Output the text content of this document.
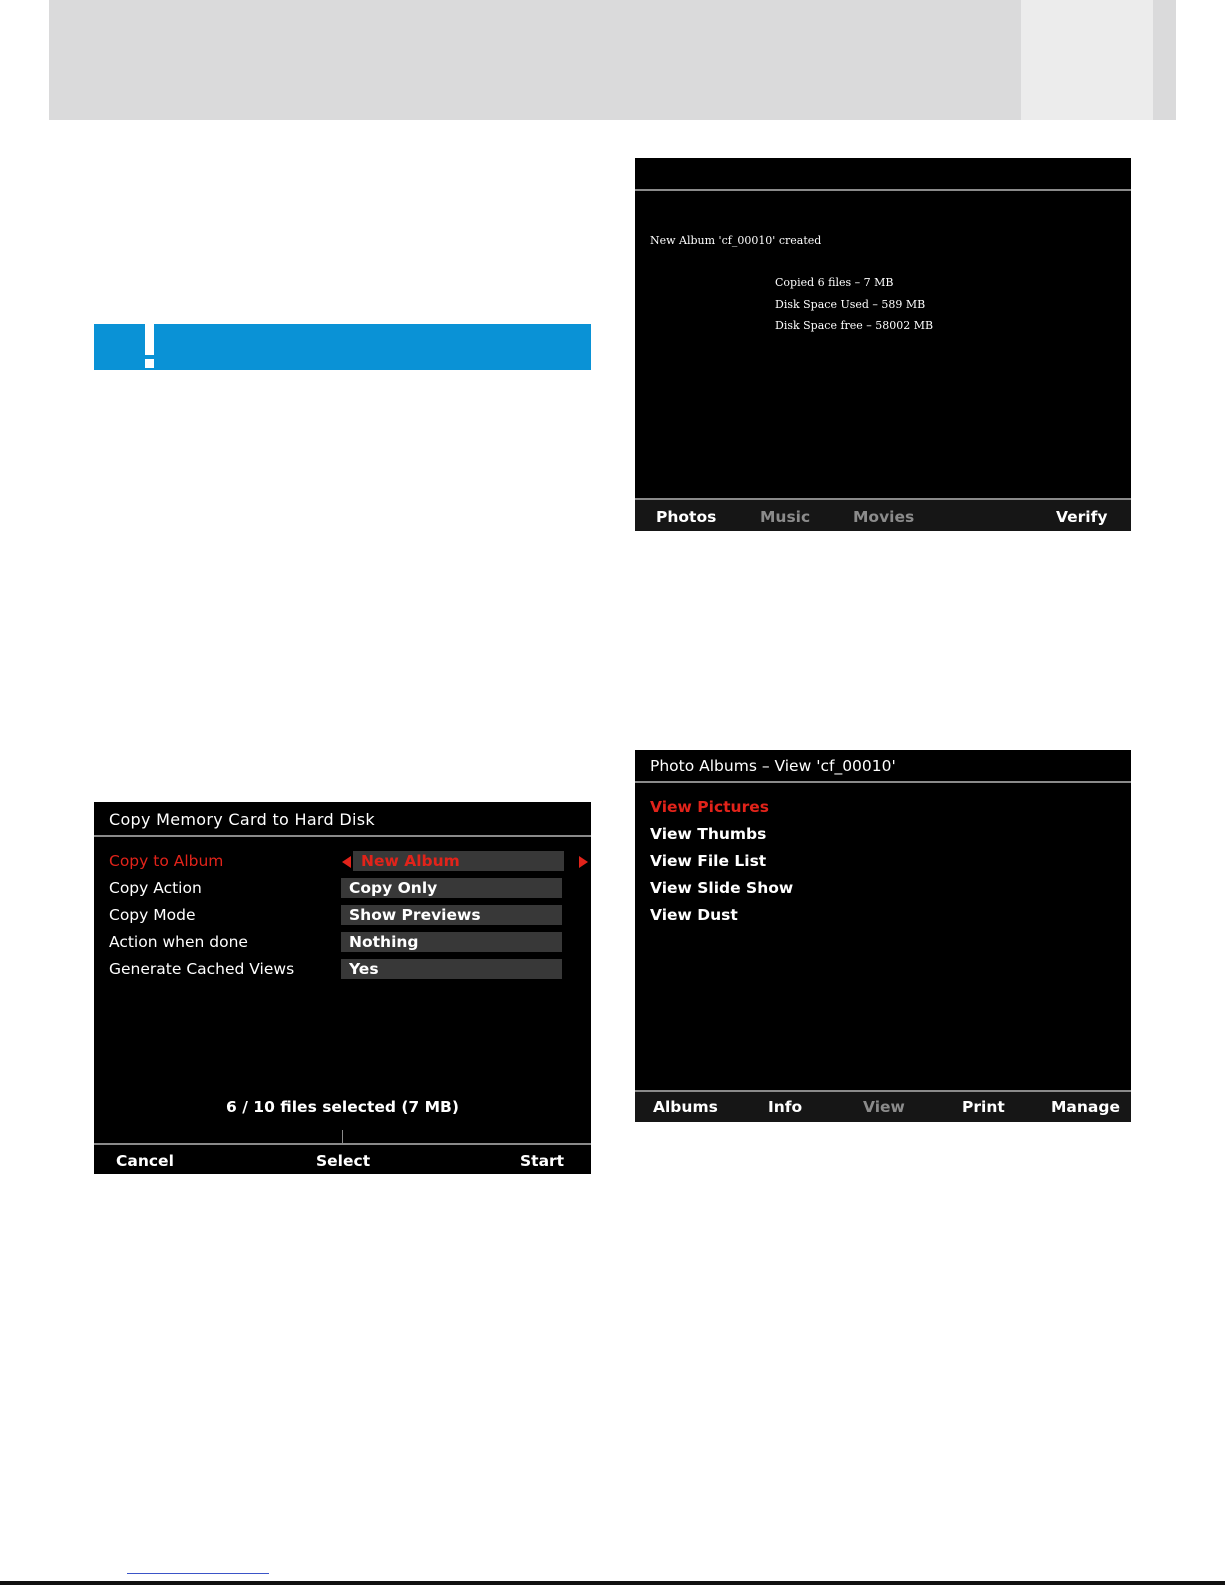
Copy Memory Card to Hard Disk
Copy to Album	New Album
Copy Action	Copy Only
Copy Mode	Show Previews
Action when done	Nothing
Generate Cached Views	Yes
6 / 10 files selected (7 MB)
Cancel	Select	Start
New Album 'cf_00010' created
Copied 6 files – 7 MB
Disk Space Used – 589 MB
Disk Space free – 58002 MB
Photos	Music	Movies	Verify
Photo Albums – View 'cf_00010'
View Pictures
View Thumbs
View File List
View Slide Show
View Dust
Albums	Info	View	Print	Manage
